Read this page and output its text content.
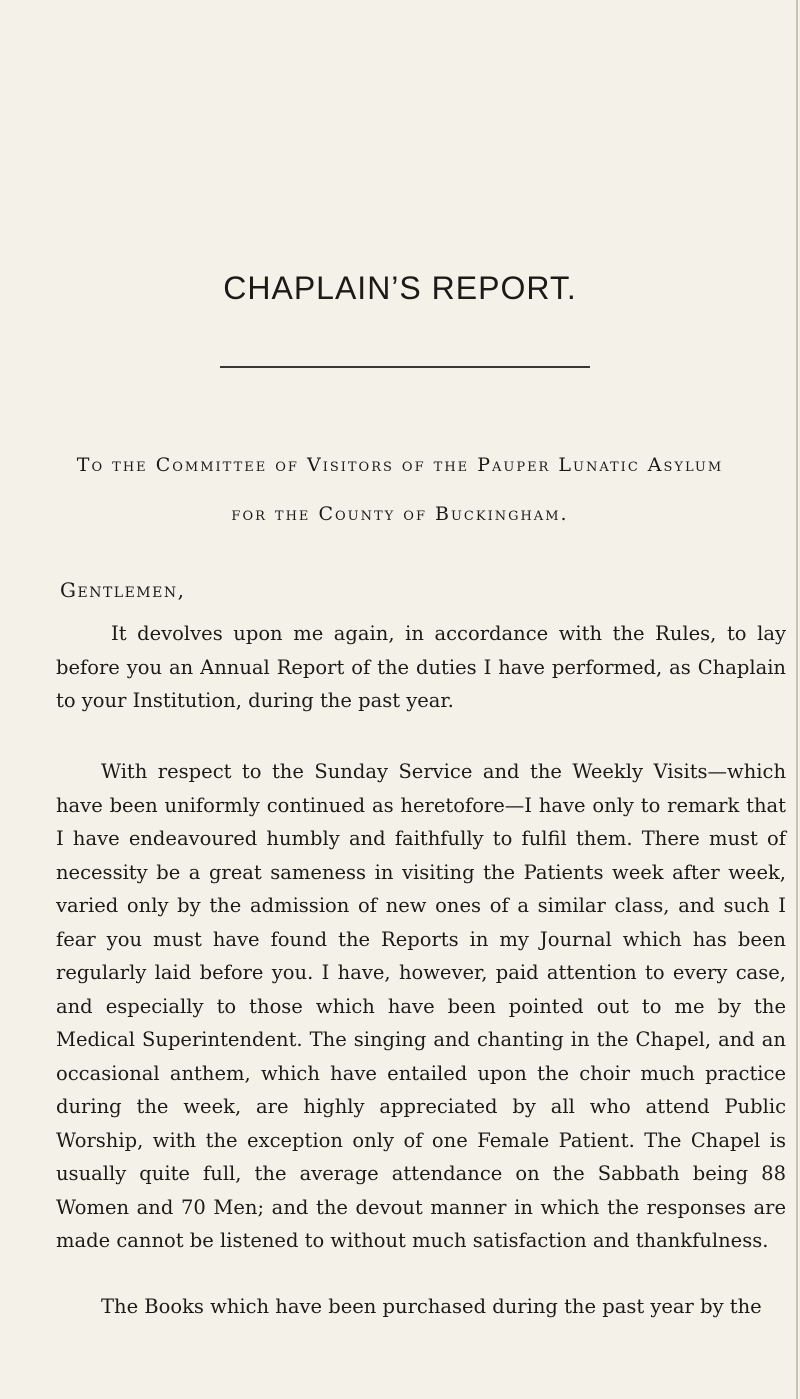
CHAPLAIN’S REPORT.
To the Committee of Visitors of the Pauper Lunatic Asylum
for the County of Buckingham.
Gentlemen,

It devolves upon me again, in accordance with the Rules, to lay before you an Annual Report of the duties I have performed, as Chaplain to your Institution, during the past year.

With respect to the Sunday Service and the Weekly Visits—which have been uniformly continued as heretofore—I have only to remark that I have endeavoured humbly and faithfully to fulfil them. There must of necessity be a great sameness in visiting the Patients week after week, varied only by the admission of new ones of a similar class, and such I fear you must have found the Reports in my Journal which has been regularly laid before you. I have, however, paid attention to every case, and especially to those which have been pointed out to me by the Medical Superintendent. The singing and chanting in the Chapel, and an occasional anthem, which have entailed upon the choir much practice during the week, are highly appreciated by all who attend Public Worship, with the exception only of one Female Patient. The Chapel is usually quite full, the average attendance on the Sabbath being 88 Women and 70 Men; and the devout manner in which the responses are made cannot be listened to without much satisfaction and thankfulness.

The Books which have been purchased during the past year by the
